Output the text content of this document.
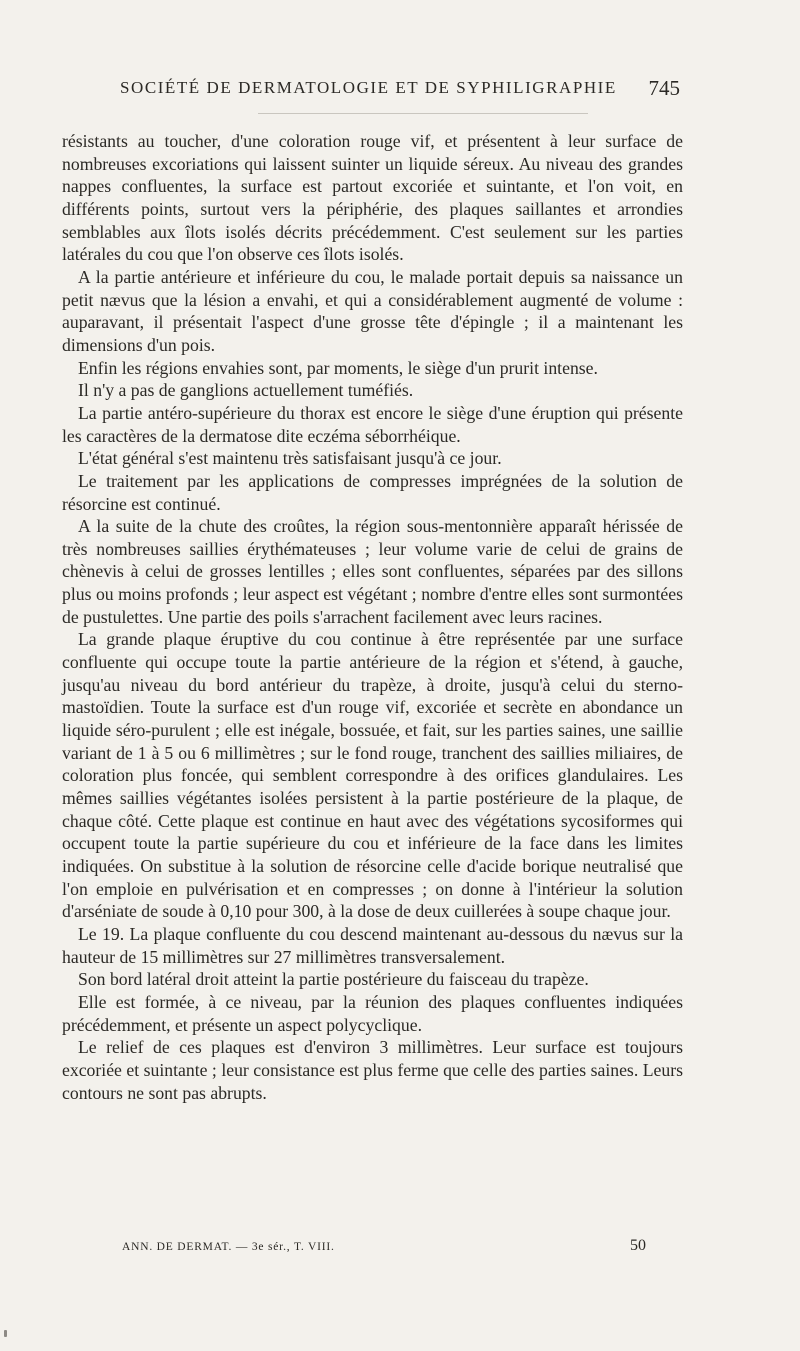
SOCIÉTÉ DE DERMATOLOGIE ET DE SYPHILIGRAPHIE 745

résistants au toucher, d'une coloration rouge vif, et présentent à leur surface de nombreuses excoriations qui laissent suinter un liquide séreux. Au niveau des grandes nappes confluentes, la surface est partout excoriée et suintante, et l'on voit, en différents points, surtout vers la périphérie, des plaques saillantes et arrondies semblables aux îlots isolés décrits précédemment. C'est seulement sur les parties latérales du cou que l'on observe ces îlots isolés.

A la partie antérieure et inférieure du cou, le malade portait depuis sa naissance un petit nævus que la lésion a envahi, et qui a considérablement augmenté de volume : auparavant, il présentait l'aspect d'une grosse tête d'épingle ; il a maintenant les dimensions d'un pois.

Enfin les régions envahies sont, par moments, le siège d'un prurit intense.

Il n'y a pas de ganglions actuellement tuméfiés.

La partie antéro-supérieure du thorax est encore le siège d'une éruption qui présente les caractères de la dermatose dite eczéma séborrhéique.

L'état général s'est maintenu très satisfaisant jusqu'à ce jour.

Le traitement par les applications de compresses imprégnées de la solution de résorcine est continué.

A la suite de la chute des croûtes, la région sous-mentonnière apparaît hérissée de très nombreuses saillies érythémateuses ; leur volume varie de celui de grains de chènevis à celui de grosses lentilles ; elles sont confluentes, séparées par des sillons plus ou moins profonds ; leur aspect est végétant ; nombre d'entre elles sont surmontées de pustulettes. Une partie des poils s'arrachent facilement avec leurs racines.

La grande plaque éruptive du cou continue à être représentée par une surface confluente qui occupe toute la partie antérieure de la région et s'étend, à gauche, jusqu'au niveau du bord antérieur du trapèze, à droite, jusqu'à celui du sterno-mastoïdien. Toute la surface est d'un rouge vif, excoriée et secrète en abondance un liquide séro-purulent ; elle est inégale, bossuée, et fait, sur les parties saines, une saillie variant de 1 à 5 ou 6 millimètres ; sur le fond rouge, tranchent des saillies miliaires, de coloration plus foncée, qui semblent correspondre à des orifices glandulaires. Les mêmes saillies végétantes isolées persistent à la partie postérieure de la plaque, de chaque côté. Cette plaque est continue en haut avec des végétations sycosiformes qui occupent toute la partie supérieure du cou et inférieure de la face dans les limites indiquées. On substitue à la solution de résorcine celle d'acide borique neutralisé que l'on emploie en pulvérisation et en compresses ; on donne à l'intérieur la solution d'arséniate de soude à 0,10 pour 300, à la dose de deux cuillerées à soupe chaque jour.

Le 19. La plaque confluente du cou descend maintenant au-dessous du nævus sur la hauteur de 15 millimètres sur 27 millimètres transversalement.

Son bord latéral droit atteint la partie postérieure du faisceau du trapèze.

Elle est formée, à ce niveau, par la réunion des plaques confluentes indiquées précédemment, et présente un aspect polycyclique.

Le relief de ces plaques est d'environ 3 millimètres. Leur surface est toujours excoriée et suintante ; leur consistance est plus ferme que celle des parties saines. Leurs contours ne sont pas abrupts.

ANN. DE DERMAT. — 3e sér., T. VIII.	50
